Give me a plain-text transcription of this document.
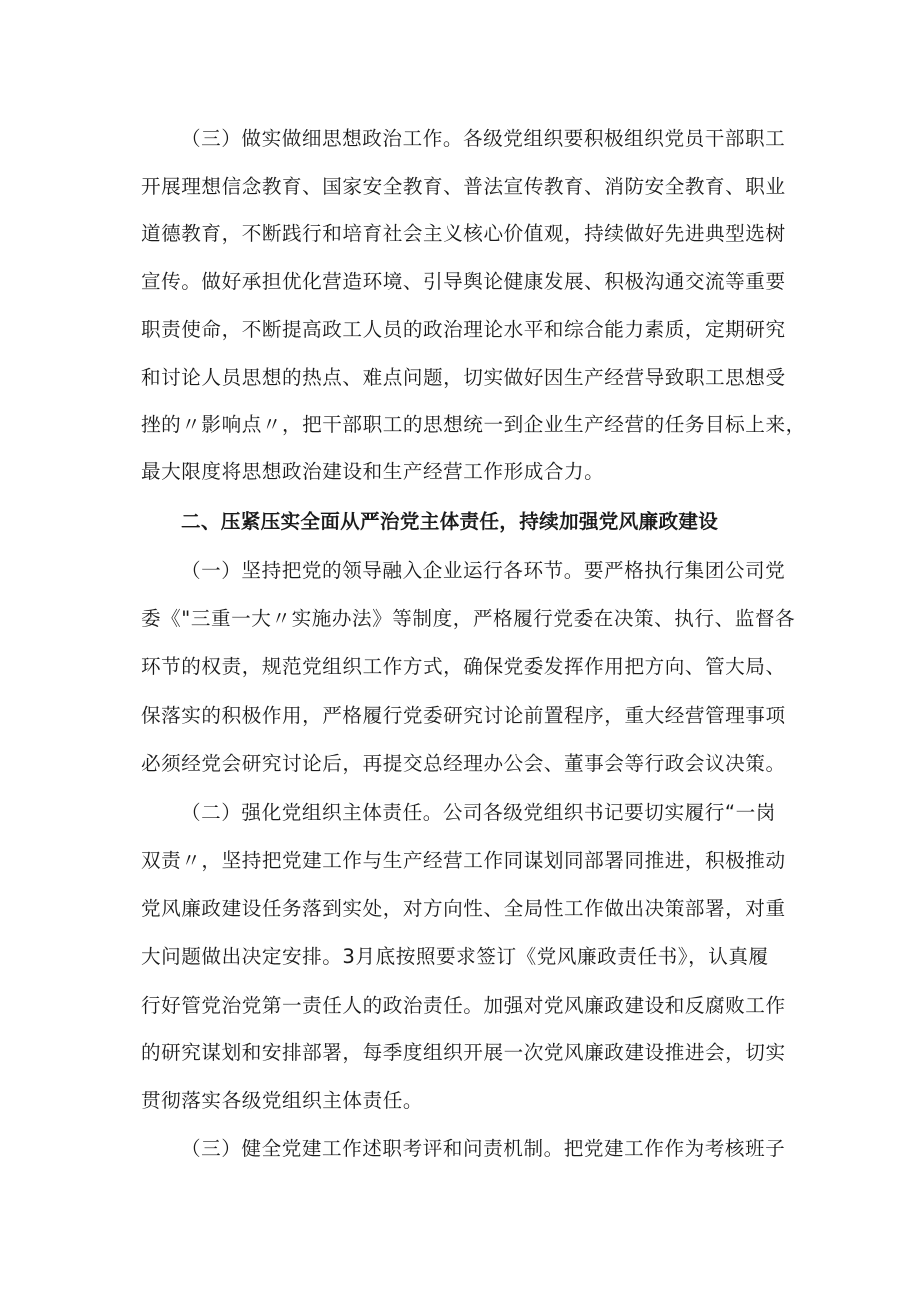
（三）做实做细思想政治工作。各级党组织要积极组织党员干部职工
开展理想信念教育、国家安全教育、普法宣传教育、消防安全教育、职业
道德教育，不断践行和培育社会主义核心价值观，持续做好先进典型选树
宣传。做好承担优化营造环境、引导舆论健康发展、积极沟通交流等重要
职责使命，不断提高政工人员的政治理论水平和综合能力素质，定期研究
和讨论人员思想的热点、难点问题，切实做好因生产经营导致职工思想受
挫的〃影响点〃，把干部职工的思想统一到企业生产经营的任务目标上来，
最大限度将思想政治建设和生产经营工作形成合力。
二、压紧压实全面从严治党主体责任，持续加强党风廉政建设
（一）坚持把党的领导融入企业运行各环节。要严格执行集团公司党
委《"三重一大〃实施办法》等制度，严格履行党委在决策、执行、监督各
环节的权责，规范党组织工作方式，确保党委发挥作用把方向、管大局、
保落实的积极作用，严格履行党委研究讨论前置程序，重大经营管理事项
必须经党会研究讨论后，再提交总经理办公会、董事会等行政会议决策。
（二）强化党组织主体责任。公司各级党组织书记要切实履行“一岗
双责〃，坚持把党建工作与生产经营工作同谋划同部署同推进，积极推动
党风廉政建设任务落到实处，对方向性、全局性工作做出决策部署，对重
大问题做出决定安排。3月底按照要求签订《党风廉政责任书》，认真履
行好管党治党第一责任人的政治责任。加强对党风廉政建设和反腐败工作
的研究谋划和安排部署，每季度组织开展一次党风廉政建设推进会，切实
贯彻落实各级党组织主体责任。
（三）健全党建工作述职考评和问责机制。把党建工作作为考核班子
